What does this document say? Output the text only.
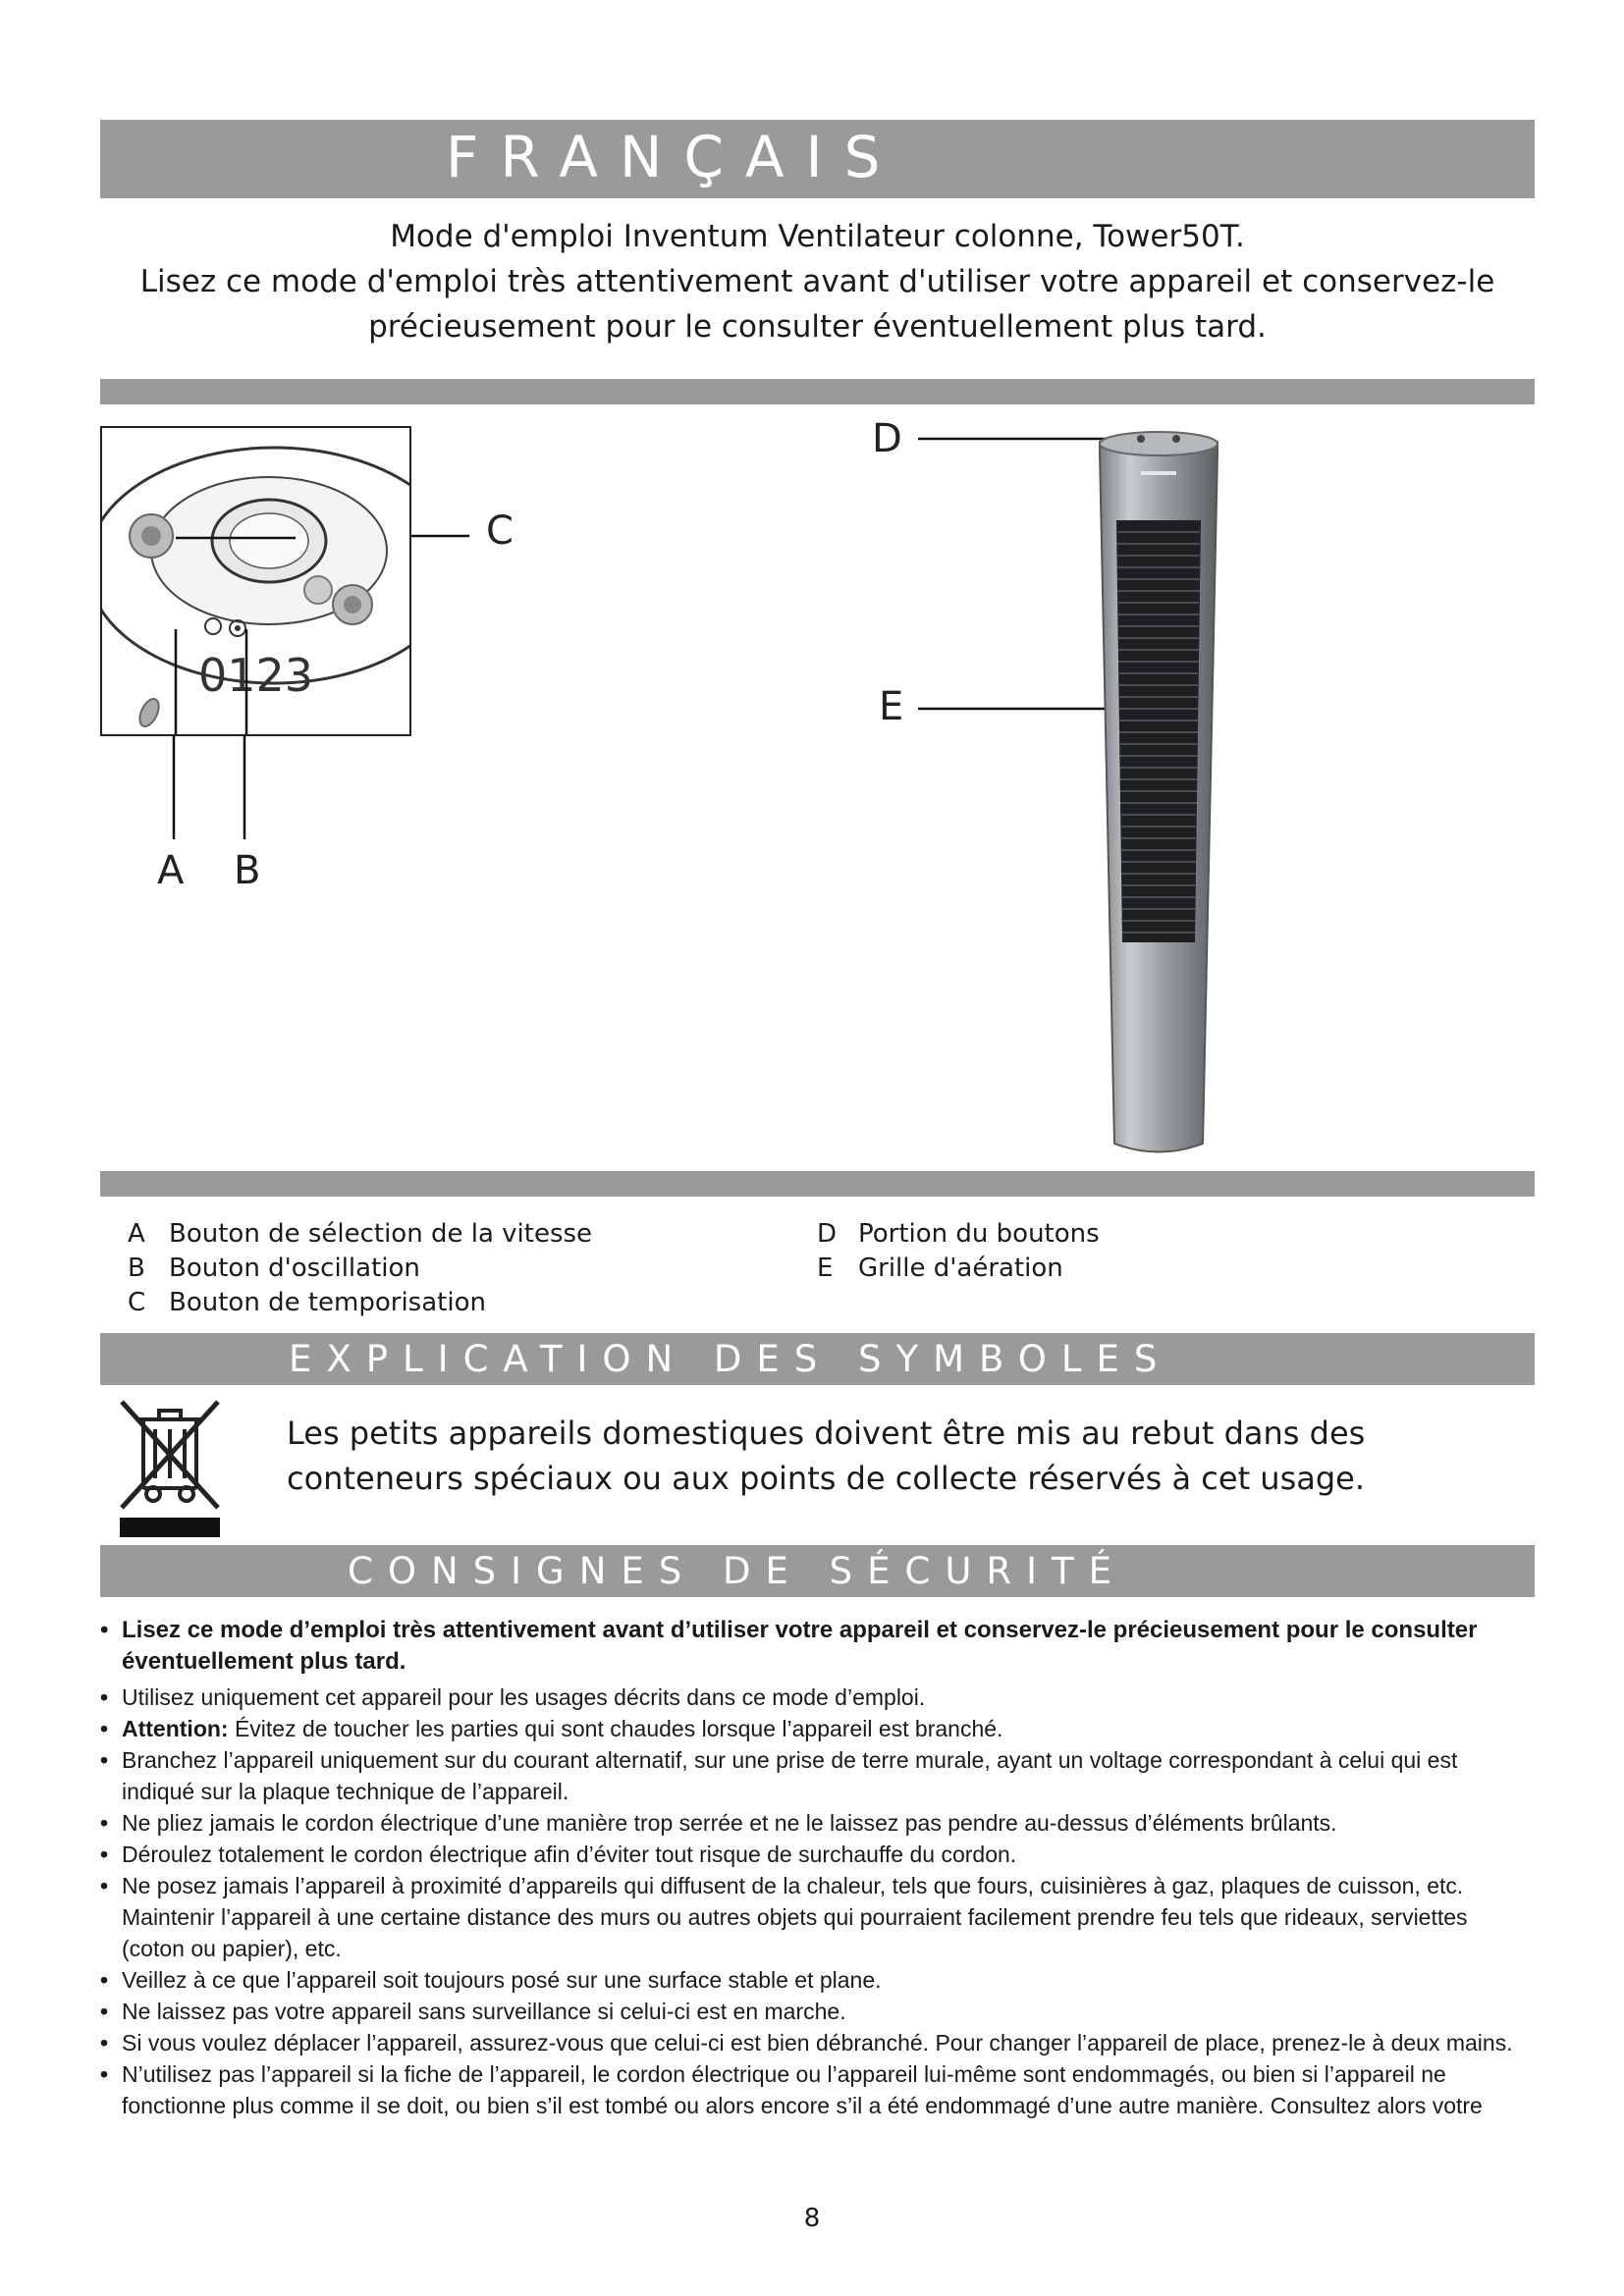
FRANÇAIS

Mode d'emploi Inventum Ventilateur colonne, Tower50T.

Lisez ce mode d'emploi très attentivement avant d'utiliser votre appareil et conservez-le

précieusement pour le consulter éventuellement plus tard.

0123
C
A B
D
E
A Bouton de sélection de la vitesse
B Bouton d'oscillation
C Bouton de temporisation
D Portion du boutons
E Grille d'aération
EXPLICATION DES SYMBOLES
Les petits appareils domestiques doivent être mis au rebut dans des conteneurs spéciaux ou aux points de collecte réservés à cet usage.
CONSIGNES DE SÉCURITÉ
• Lisez ce mode d’emploi très attentivement avant d’utiliser votre appareil et conservez-le précieusement pour le consulter éventuellement plus tard.
• Utilisez uniquement cet appareil pour les usages décrits dans ce mode d’emploi.
• Attention: Évitez de toucher les parties qui sont chaudes lorsque l’appareil est branché.
• Branchez l’appareil uniquement sur du courant alternatif, sur une prise de terre murale, ayant un voltage correspondant à celui qui est indiqué sur la plaque technique de l’appareil.
• Ne pliez jamais le cordon électrique d’une manière trop serrée et ne le laissez pas pendre au-dessus d’éléments brûlants.
• Déroulez totalement le cordon électrique afin d’éviter tout risque de surchauffe du cordon.
• Ne posez jamais l’appareil à proximité d’appareils qui diffusent de la chaleur, tels que fours, cuisinières à gaz, plaques de cuisson, etc. Maintenir l’appareil à une certaine distance des murs ou autres objets qui pourraient facilement prendre feu tels que rideaux, serviettes (coton ou papier), etc.
• Veillez à ce que l’appareil soit toujours posé sur une surface stable et plane.
• Ne laissez pas votre appareil sans surveillance si celui-ci est en marche.
• Si vous voulez déplacer l’appareil, assurez-vous que celui-ci est bien débranché. Pour changer l’appareil de place, prenez-le à deux mains.
• N’utilisez pas l’appareil si la fiche de l’appareil, le cordon électrique ou l’appareil lui-même sont endommagés, ou bien si l’appareil ne fonctionne plus comme il se doit, ou bien s’il est tombé ou alors encore s’il a été endommagé d’une autre manière. Consultez alors votre
8
